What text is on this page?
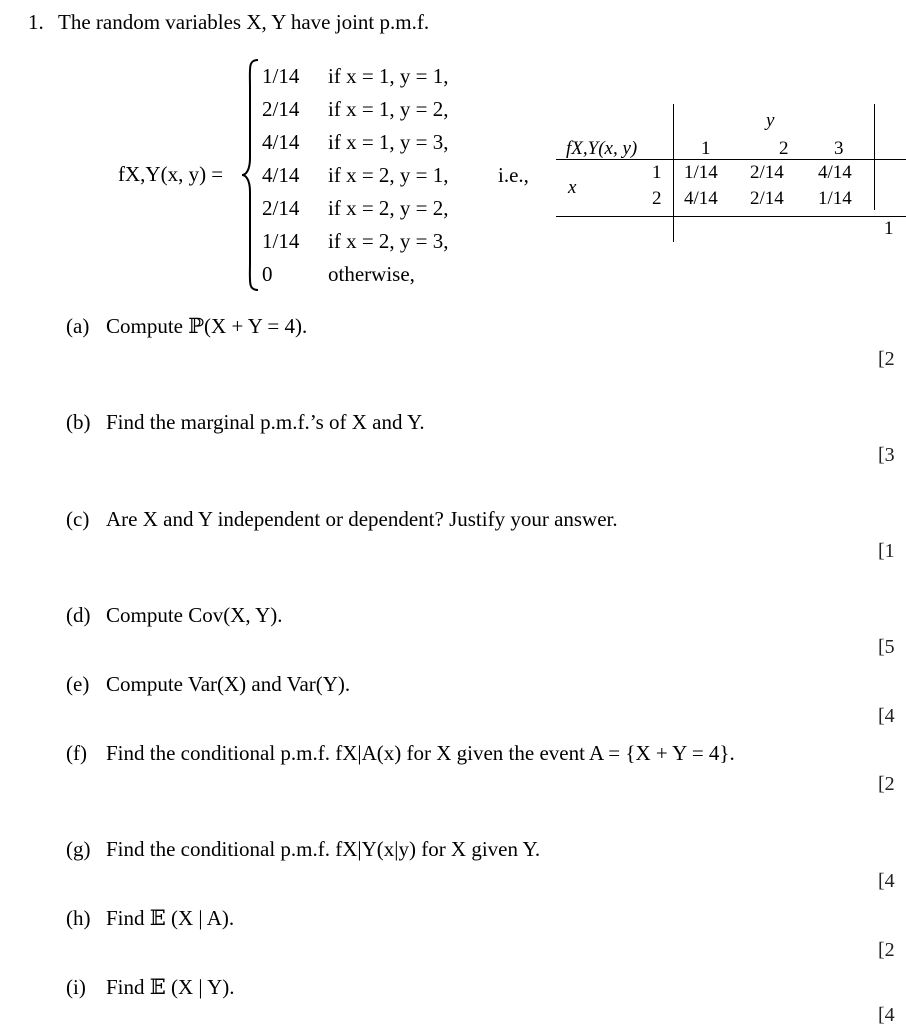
1. The random variables X, Y have joint p.m.f.
fX,Y(x, y) =
1/14 if x = 1, y = 1,
2/14 if x = 1, y = 2,
4/14 if x = 1, y = 3,
4/14 if x = 2, y = 1,
2/14 if x = 2, y = 2,
1/14 if x = 2, y = 3,
0	otherwise,
i.e.,
fX,Y(x, y)
y
1	2 3
x
1 1/14 2/14 4/14
2 4/14 2/14 1/14
1
(a) Compute ℙ(X + Y = 4).
[2
(b) Find the marginal p.m.f.’s of X and Y.
[3
(c) Are X and Y independent or dependent? Justify your answer.
[1
(d) Compute Cov(X, Y).
[5
(e) Compute Var(X) and Var(Y).
[4
(f) Find the conditional p.m.f. fX|A(x) for X given the event A = {X + Y = 4}.
[2
(g) Find the conditional p.m.f. fX|Y(x|y) for X given Y.
[4
(h) Find 𝔼 (X | A).
[2
(i) Find 𝔼 (X | Y).
[4
